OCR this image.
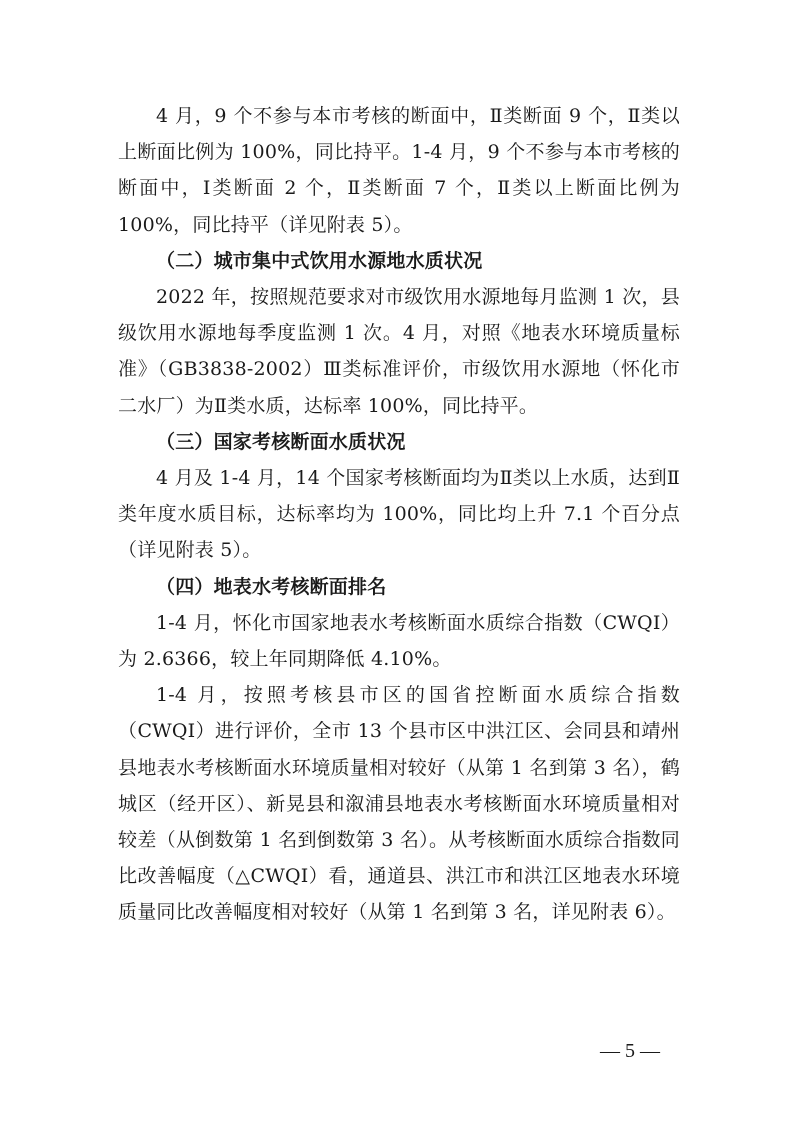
4 月，9 个不参与本市考核的断面中，Ⅱ类断面 9 个，Ⅱ类以上断面比例为 100%，同比持平。1-4 月，9 个不参与本市考核的断面中，Ⅰ类断面 2 个，Ⅱ类断面 7 个，Ⅱ类以上断面比例为 100%，同比持平（详见附表 5）。

（二）城市集中式饮用水源地水质状况

2022 年，按照规范要求对市级饮用水源地每月监测 1 次，县级饮用水源地每季度监测 1 次。4 月，对照《地表水环境质量标准》（GB3838-2002）Ⅲ类标准评价，市级饮用水源地（怀化市二水厂）为Ⅱ类水质，达标率 100%，同比持平。

（三）国家考核断面水质状况

4 月及 1-4 月，14 个国家考核断面均为Ⅱ类以上水质，达到Ⅱ类年度水质目标，达标率均为 100%，同比均上升 7.1 个百分点（详见附表 5）。

（四）地表水考核断面排名

1-4 月，怀化市国家地表水考核断面水质综合指数（CWQI）为 2.6366，较上年同期降低 4.10%。

1-4 月，按照考核县市区的国省控断面水质综合指数（CWQI）进行评价，全市 13 个县市区中洪江区、会同县和靖州县地表水考核断面水环境质量相对较好（从第 1 名到第 3 名），鹤城区（经开区）、新晃县和溆浦县地表水考核断面水环境质量相对较差（从倒数第 1 名到倒数第 3 名）。从考核断面水质综合指数同比改善幅度（△CWQI）看，通道县、洪江市和洪江区地表水环境质量同比改善幅度相对较好（从第 1 名到第 3 名，详见附表 6）。

— 5 —
